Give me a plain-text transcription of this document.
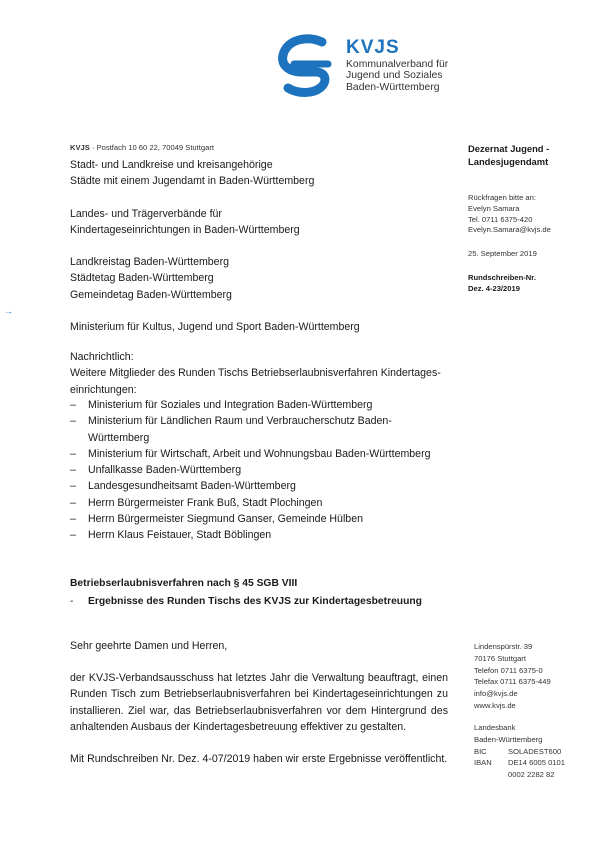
KVJS
Kommunalverband für
Jugend und Soziales
Baden-Württemberg
KVJS · Postfach 10 60 22, 70049 Stuttgart
Stadt- und Landkreise und kreisangehörige
Städte mit einem Jugendamt in Baden-Württemberg
Landes- und Trägerverbände für
Kindertageseinrichtungen in Baden-Württemberg
Landkreistag Baden-Württemberg
Städtetag Baden-Württemberg
Gemeindetag Baden-Württemberg
Ministerium für Kultus, Jugend und Sport Baden-Württemberg
Nachrichtlich:
Weitere Mitglieder des Runden Tischs Betriebserlaubnisverfahren Kindertages-
einrichtungen:
–	Ministerium für Soziales und Integration Baden-Württemberg
–	Ministerium für Ländlichen Raum und Verbraucherschutz Baden-Württemberg
–	Ministerium für Wirtschaft, Arbeit und Wohnungsbau Baden-Württemberg
–	Unfallkasse Baden-Württemberg
–	Landesgesundheitsamt Baden-Württemberg
–	Herrn Bürgermeister Frank Buß, Stadt Plochingen
–	Herrn Bürgermeister Siegmund Ganser, Gemeinde Hülben
–	Herrn Klaus Feistauer, Stadt Böblingen
Betriebserlaubnisverfahren nach § 45 SGB VIII
-	Ergebnisse des Runden Tischs des KVJS zur Kindertagesbetreuung
Sehr geehrte Damen und Herren,
der KVJS-Verbandsausschuss hat letztes Jahr die Verwaltung beauftragt, einen Runden Tisch zum Betriebserlaubnisverfahren bei Kindertageseinrichtungen zu installieren. Ziel war, das Betriebserlaubnisverfahren vor dem Hintergrund des anhaltenden Ausbaus der Kindertagesbetreuung effektiver zu gestalten.
Mit Rundschreiben Nr. Dez. 4-07/2019 haben wir erste Ergebnisse veröffentlicht.
Dezernat Jugend -
Landesjugendamt
Rückfragen bitte an:
Evelyn Samara
Tel. 0711 6375-420
Evelyn.Samara@kvjs.de
25. September 2019
Rundschreiben-Nr.
Dez. 4-23/2019
Lindenspürstr. 39
70176 Stuttgart
Telefon 0711 6375-0
Telefax 0711 6375-449
info@kvjs.de
www.kvjs.de
Landesbank
Baden-Württemberg
BIC	SOLADEST600
IBAN	DE14 6005 0101
0002 2282 82
→
